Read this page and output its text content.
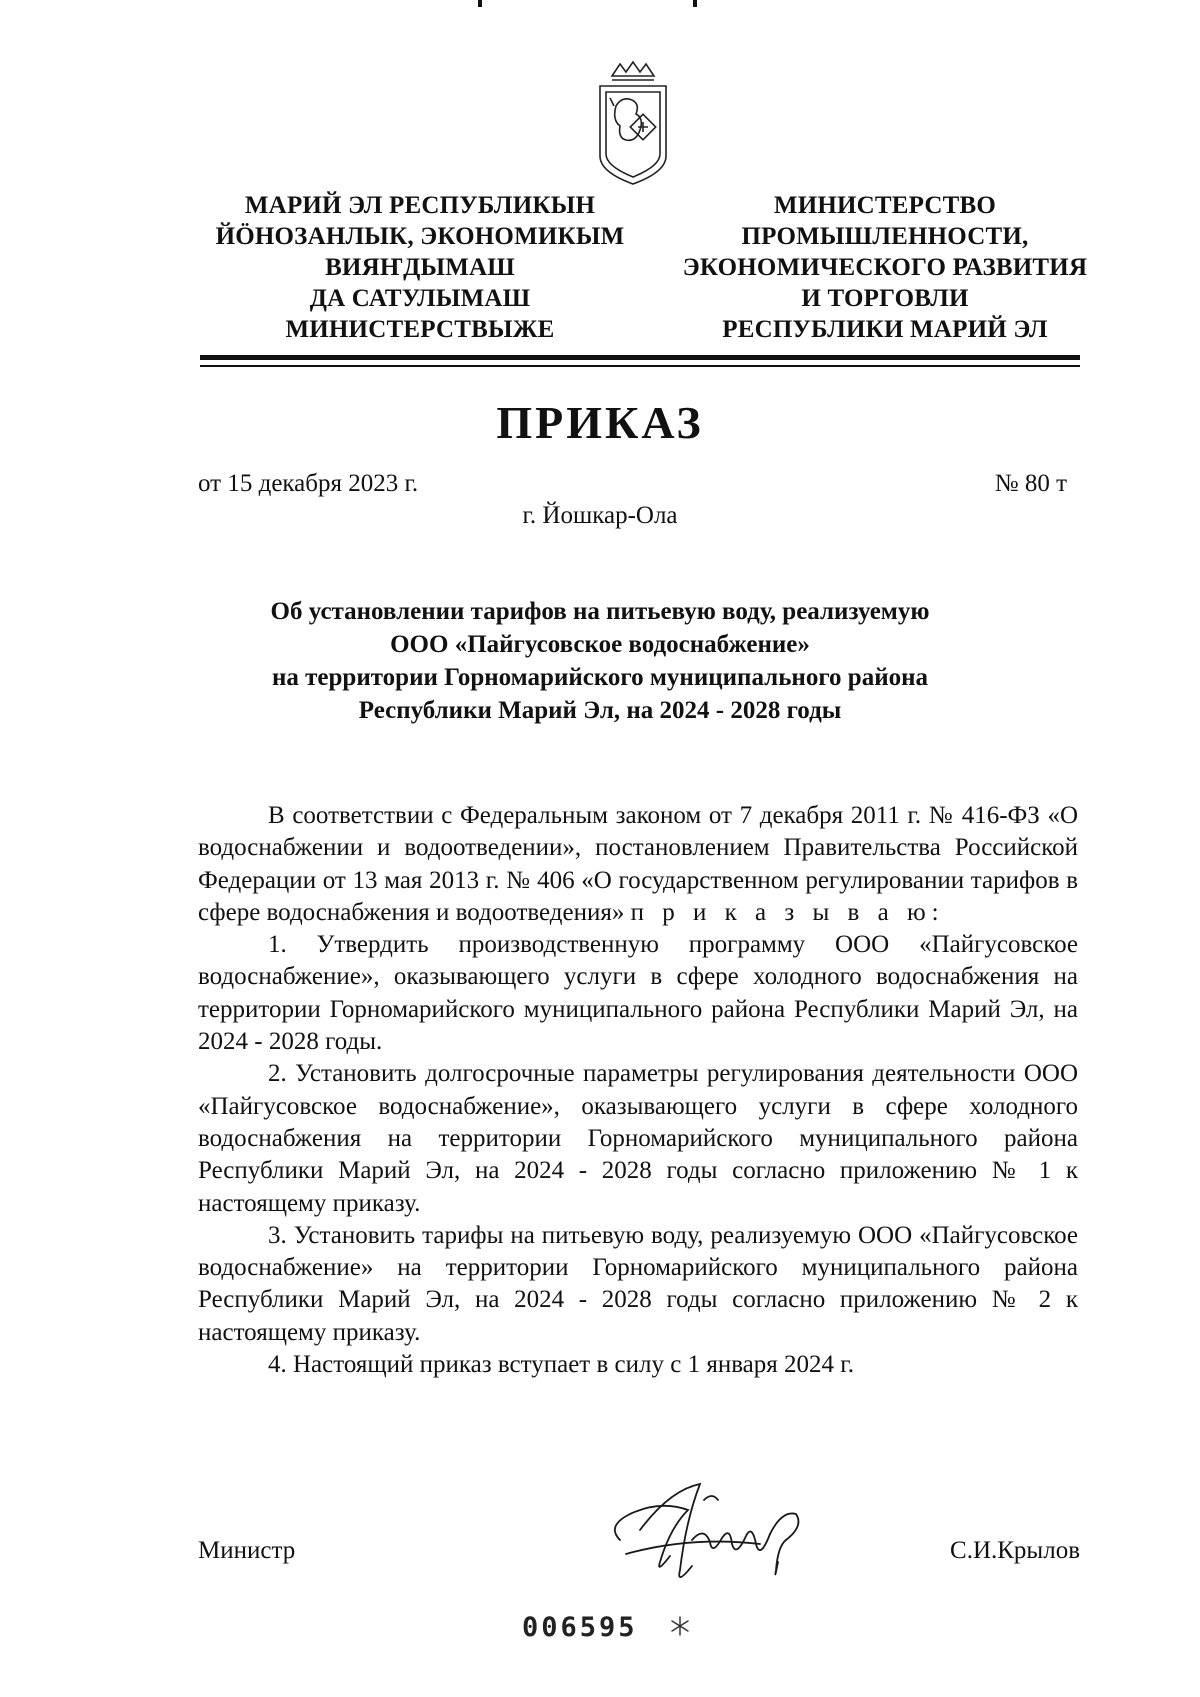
МАРИЙ ЭЛ РЕСПУБЛИКЫН
ЙÖНОЗАНЛЫК, ЭКОНОМИКЫМ
ВИЯҤДЫМАШ
ДА САТУЛЫМАШ
МИНИСТЕРСТВЫЖЕ
МИНИСТЕРСТВО
ПРОМЫШЛЕННОСТИ,
ЭКОНОМИЧЕСКОГО РАЗВИТИЯ
И ТОРГОВЛИ
РЕСПУБЛИКИ МАРИЙ ЭЛ
ПРИКАЗ
от 15 декабря 2023 г.	№ 80 т
г. Йошкар-Ола
Об установлении тарифов на питьевую воду, реализуемую
ООО «Пайгусовское водоснабжение»
на территории Горномарийского муниципального района
Республики Марий Эл, на 2024 - 2028 годы

В соответствии с Федеральным законом от 7 декабря 2011 г. № 416-ФЗ «О водоснабжении и водоотведении», постановлением Правительства Российской Федерации от 13 мая 2013 г. № 406 «О государственном регулировании тарифов в сфере водоснабжения и водоотведения» п р и к а з ы в а ю:

1. Утвердить производственную программу ООО «Пайгусовское водоснабжение», оказывающего услуги в сфере холодного водоснабжения на территории Горномарийского муниципального района Республики Марий Эл, на 2024 - 2028 годы.

2. Установить долгосрочные параметры регулирования деятельности ООО «Пайгусовское водоснабжение», оказывающего услуги в сфере холодного водоснабжения на территории Горномарийского муниципального района Республики Марий Эл, на 2024 - 2028 годы согласно приложению № 1 к настоящему приказу.

3. Установить тарифы на питьевую воду, реализуемую ООО «Пайгусовское водоснабжение» на территории Горномарийского муниципального района Республики Марий Эл, на 2024 - 2028 годы согласно приложению № 2 к настоящему приказу.

4. Настоящий приказ вступает в силу с 1 января 2024 г.

Министр	С.И.Крылов
006595
